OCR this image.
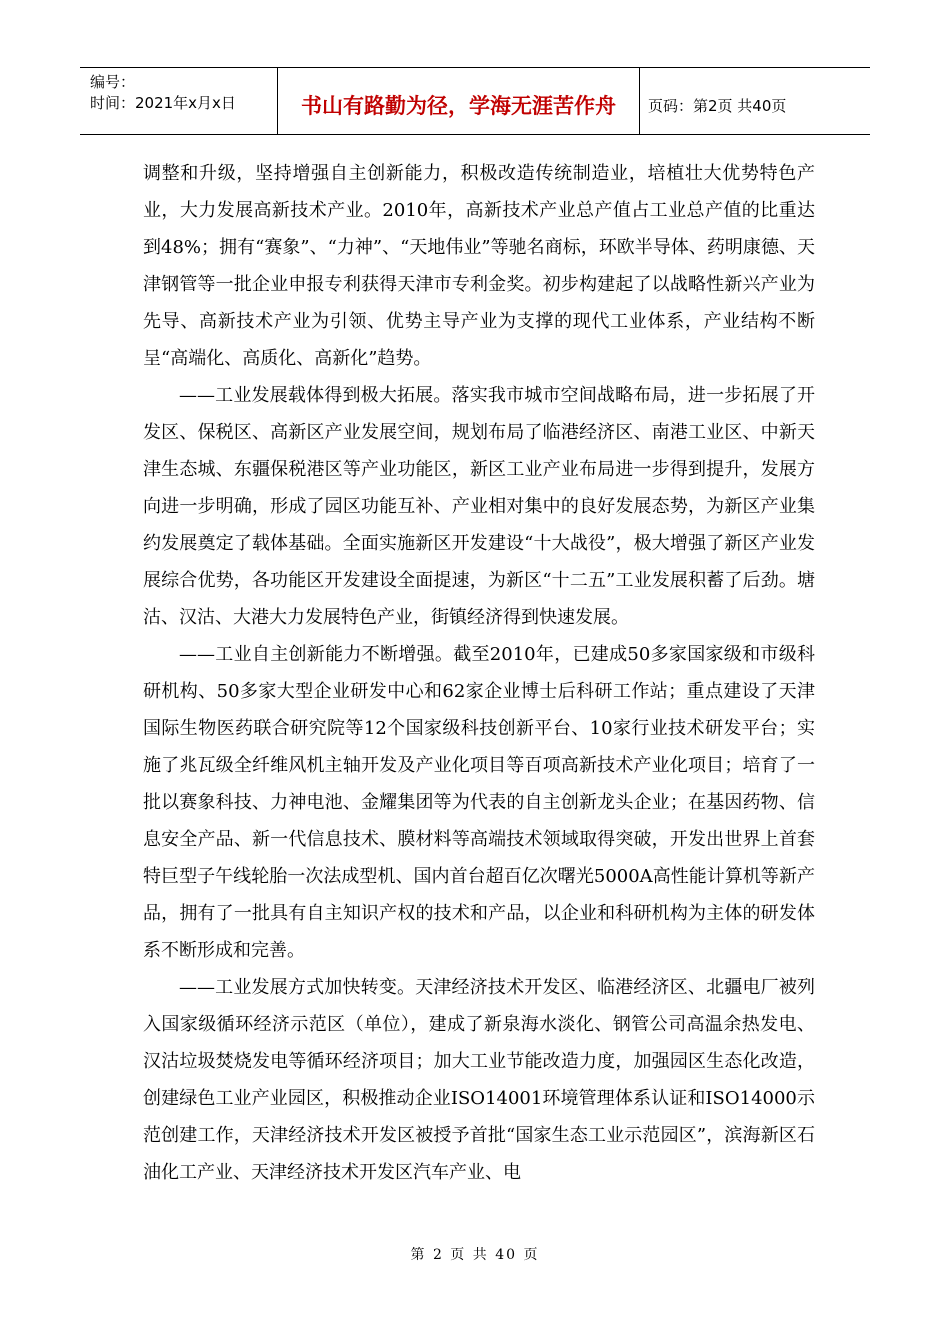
编号：
时间：2021年x月x日	书山有路勤为径，学海无涯苦作舟	页码：第2页 共40页

调整和升级，坚持增强自主创新能力，积极改造传统制造业，培植壮大优势特色产业，大力发展高新技术产业。2010年，高新技术产业总产值占工业总产值的比重达到48%；拥有“赛象”、“力神”、“天地伟业”等驰名商标，环欧半导体、药明康德、天津钢管等一批企业申报专利获得天津市专利金奖。初步构建起了以战略性新兴产业为先导、高新技术产业为引领、优势主导产业为支撑的现代工业体系，产业结构不断呈“高端化、高质化、高新化”趋势。

——工业发展载体得到极大拓展。落实我市城市空间战略布局，进一步拓展了开发区、保税区、高新区产业发展空间，规划布局了临港经济区、南港工业区、中新天津生态城、东疆保税港区等产业功能区，新区工业产业布局进一步得到提升，发展方向进一步明确，形成了园区功能互补、产业相对集中的良好发展态势，为新区产业集约发展奠定了载体基础。全面实施新区开发建设“十大战役”，极大增强了新区产业发展综合优势，各功能区开发建设全面提速，为新区“十二五”工业发展积蓄了后劲。塘沽、汉沽、大港大力发展特色产业，街镇经济得到快速发展。

——工业自主创新能力不断增强。截至2010年，已建成50多家国家级和市级科研机构、50多家大型企业研发中心和62家企业博士后科研工作站；重点建设了天津国际生物医药联合研究院等12个国家级科技创新平台、10家行业技术研发平台；实施了兆瓦级全纤维风机主轴开发及产业化项目等百项高新技术产业化项目；培育了一批以赛象科技、力神电池、金耀集团等为代表的自主创新龙头企业；在基因药物、信息安全产品、新一代信息技术、膜材料等高端技术领域取得突破，开发出世界上首套特巨型子午线轮胎一次法成型机、国内首台超百亿次曙光5000A高性能计算机等新产品，拥有了一批具有自主知识产权的技术和产品，以企业和科研机构为主体的研发体系不断形成和完善。

——工业发展方式加快转变。天津经济技术开发区、临港经济区、北疆电厂被列入国家级循环经济示范区（单位），建成了新泉海水淡化、钢管公司高温余热发电、汉沽垃圾焚烧发电等循环经济项目；加大工业节能改造力度，加强园区生态化改造，创建绿色工业产业园区，积极推动企业ISO14001环境管理体系认证和ISO14000示范创建工作，天津经济技术开发区被授予首批“国家生态工业示范园区”，滨海新区石油化工产业、天津经济技术开发区汽车产业、电

第 2 页 共 40 页
